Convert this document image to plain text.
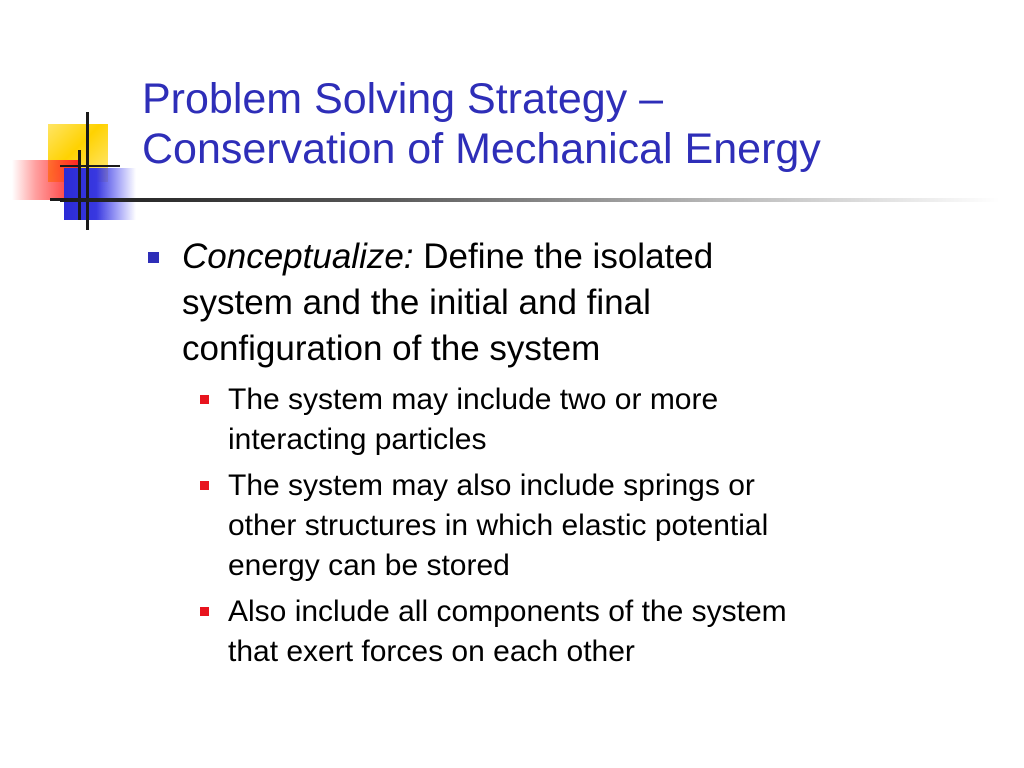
Problem Solving Strategy –
Conservation of Mechanical Energy
Conceptualize: Define the isolated
system and the initial and final
configuration of the system
The system may include two or more
interacting particles
The system may also include springs or
other structures in which elastic potential
energy can be stored
Also include all components of the system
that exert forces on each other
